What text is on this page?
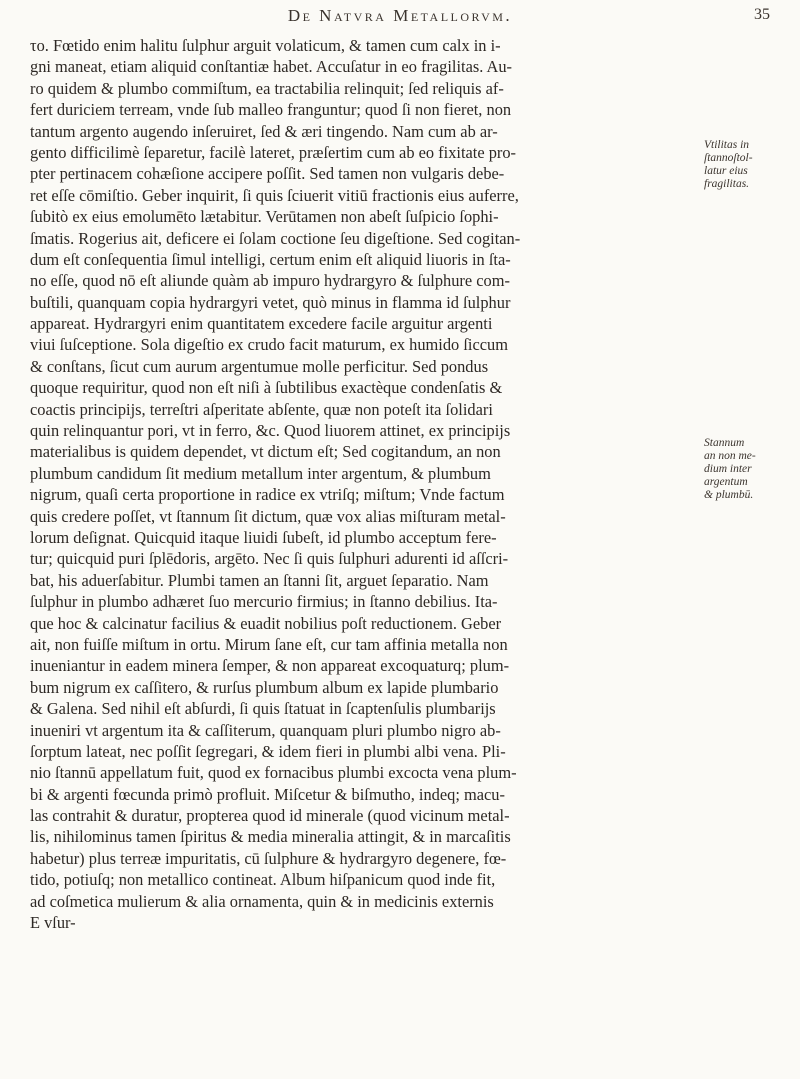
De Natvra Metallorvm.	35
τo. Fœtido enim halitu ſulphur arguit volaticum, & tamen cum calx in i-
gni maneat, etiam aliquid conſtantiæ habet. Accuſatur in eo fragilitas. Au-
ro quidem & plumbo commiſtum, ea tractabilia relinquit; ſed reliquis af-
fert duriciem terream, vnde ſub malleo franguntur; quod ſi non fieret, non
tantum argento augendo inſeruiret, ſed & æri tingendo. Nam cum ab ar-
gento difficilimè ſeparetur, facilè lateret, præſertim cum ab eo fixitate pro-
pter pertinacem cohæſione accipere poſſit. Sed tamen non vulgaris debe-
ret eſſe cōmiſtio. Geber inquirit, ſi quis ſciuerit vitiū fractionis eius auferre,
ſubitò ex eius emolumēto lætabitur. Verūtamen non abeſt ſuſpicio ſophi-
ſmatis. Rogerius ait, deficere ei ſolam coctione ſeu digeſtione. Sed cogitan-
dum eſt conſequentia ſimul intelligi, certum enim eſt aliquid liuoris in ſta-
no eſſe, quod nō eſt aliunde quàm ab impuro hydrargyro & ſulphure com-
buſtili, quanquam copia hydrargyri vetet, quò minus in flamma id ſulphur
appareat. Hydrargyri enim quantitatem excedere facile arguitur argenti
viui ſuſceptione. Sola digeſtio ex crudo facit maturum, ex humido ſiccum
& conſtans, ſicut cum aurum argentumue molle perficitur. Sed pondus
quoque requiritur, quod non eſt niſi à ſubtilibus exactèque condenſatis &
coactis principijs, terreſtri aſperitate abſente, quæ non poteſt ita ſolidari
quin relinquantur pori, vt in ferro, &c. Quod liuorem attinet, ex principijs
materialibus is quidem dependet, vt dictum eſt; Sed cogitandum, an non
plumbum candidum ſit medium metallum inter argentum, & plumbum
nigrum, quaſi certa proportione in radice ex vtriſq; miſtum; Vnde factum
quis credere poſſet, vt ſtannum ſit dictum, quæ vox alias miſturam metal-
lorum deſignat. Quicquid itaque liuidi ſubeſt, id plumbo acceptum fere-
tur; quicquid puri ſplēdoris, argēto. Nec ſi quis ſulphuri adurenti id aſſcri-
bat, his aduerſabitur. Plumbi tamen an ſtanni ſit, arguet ſeparatio. Nam
ſulphur in plumbo adhæret ſuo mercurio firmius; in ſtanno debilius. Ita-
que hoc & calcinatur facilius & euadit nobilius poſt reductionem. Geber
ait, non fuiſſe miſtum in ortu. Mirum ſane eſt, cur tam affinia metalla non
inueniantur in eadem minera ſemper, & non appareat excoquaturq; plum-
bum nigrum ex caſſitero, & rurſus plumbum album ex lapide plumbario
& Galena. Sed nihil eſt abſurdi, ſi quis ſtatuat in ſcaptenſulis plumbarijs
inueniri vt argentum ita & caſſiterum, quanquam pluri plumbo nigro ab-
ſorptum lateat, nec poſſit ſegregari, & idem fieri in plumbi albi vena. Pli-
nio ſtannū appellatum fuit, quod ex fornacibus plumbi excocta vena plum-
bi & argenti fœcunda primò profluit. Miſcetur & biſmutho, indeq; macu-
las contrahit & duratur, propterea quod id minerale (quod vicinum metal-
lis, nihilominus tamen ſpiritus & media mineralia attingit, & in marcaſitis
habetur) plus terreæ impuritatis, cū ſulphure & hydrargyro degenere, fœ-
tido, potiuſq; non metallico contineat. Album hiſpanicum quod inde fit,
ad coſmetica mulierum & alia ornamenta, quin & in medicinis externis
E vſur-
Vtilitas in
ſtannoſtol-
latur eius
fragilitas.
Stannum
an non me-
dium inter
argentum
& plumbū.
